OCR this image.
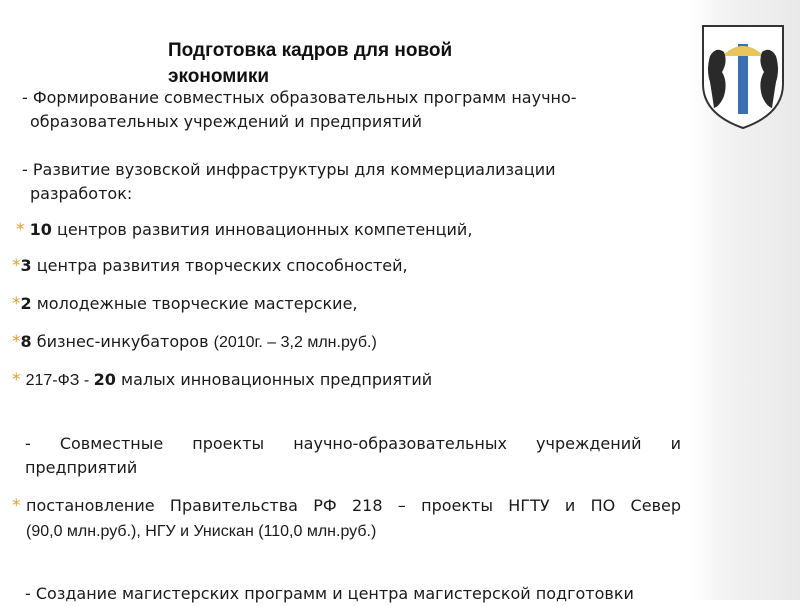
Подготовка кадров для новой экономики
- Формирование совместных образовательных программ научно-
образовательных учреждений и предприятий
- Развитие вузовской инфраструктуры для коммерциализации
разработок:
* 10 центров развития инновационных компетенций,
*3 центра развития творческих способностей,
*2 молодежные творческие мастерские,
*8 бизнес-инкубаторов (2010г. – 3,2 млн.руб.)
* 217-ФЗ - 20 малых инновационных предприятий
- Совместные проекты научно-образовательных учреждений и
предприятий
* постановление Правительства РФ 218 – проекты НГТУ и ПО Север
(90,0 млн.руб.), НГУ и Унискан (110,0 млн.руб.)
- Создание магистерских программ и центра магистерской подготовки
